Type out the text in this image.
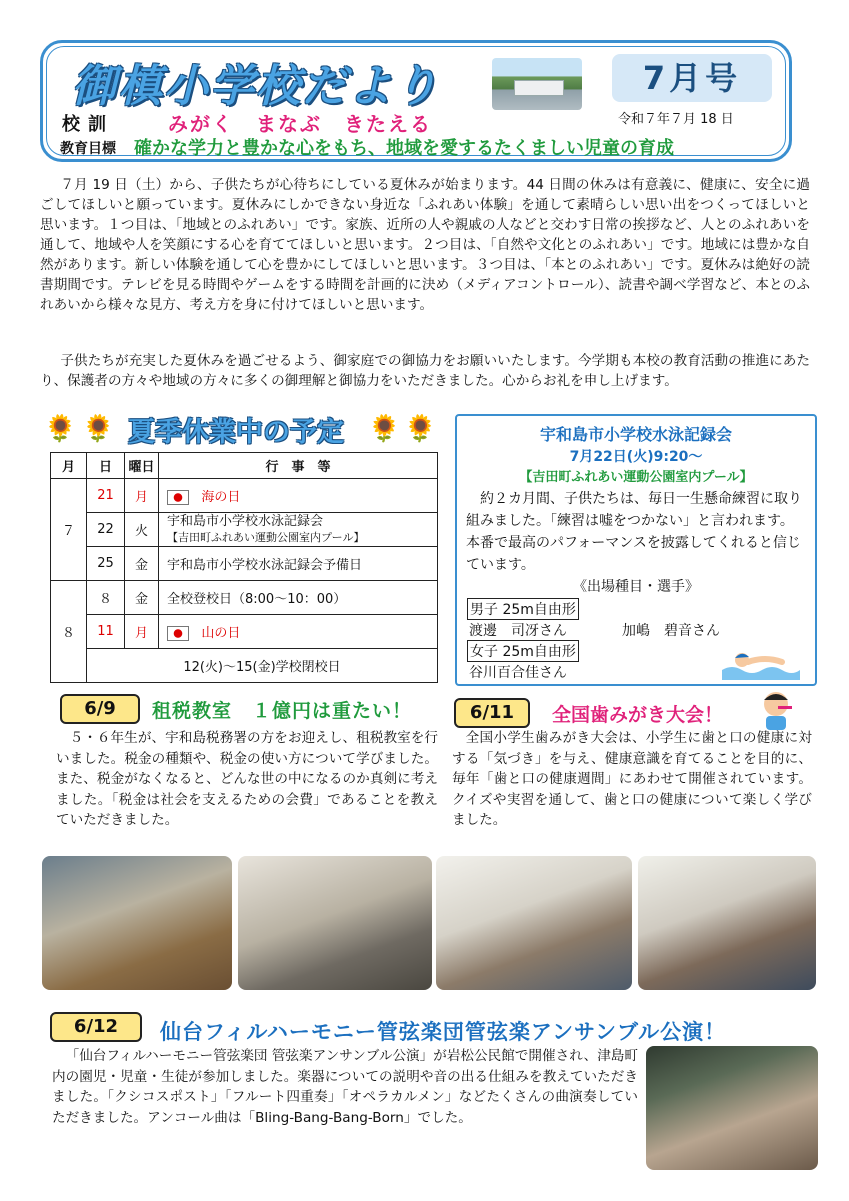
御槙小学校だより	7月号
令和７年７月 18 日
校訓	みがく　まなぶ　きたえる
教育目標 確かな学力と豊かな心をもち、地域を愛するたくましい児童の育成
７月 19 日（土）から、子供たちが心待ちにしている夏休みが始まります。44 日間の休みは有意義に、健康に、安全に過ごしてほしいと願っています。夏休みにしかできない身近な「ふれあい体験」を通して素晴らしい思い出をつくってほしいと思います。１つ目は、「地域とのふれあい」です。家族、近所の人や親戚の人などと交わす日常の挨拶など、人とのふれあいを通して、地域や人を笑顔にする心を育ててほしいと思います。２つ目は、「自然や文化とのふれあい」です。地域には豊かな自然があります。新しい体験を通して心を豊かにしてほしいと思います。３つ目は、「本とのふれあい」です。夏休みは絶好の読書期間です。テレビを見る時間やゲームをする時間を計画的に決め（メディアコントロール）、読書や調べ学習など、本とのふれあいから様々な見方、考え方を身に付けてほしいと思います。
子供たちが充実した夏休みを過ごせるよう、御家庭での御協力をお願いいたします。今学期も本校の教育活動の推進にあたり、保護者の方々や地域の方々に多くの御理解と御協力をいただきました。心からお礼を申し上げます。
🌻 🌻 夏季休業中の予定 🌻 🌻
月	日	曜日	行　事　等
７	21	月	海の日
	22	火	宇和島市小学校水泳記録会
【吉田町ふれあい運動公園室内プール】

	25	金	宇和島市小学校水泳記録会予備日
８	８	金	全校登校日（8:00～10：00）
	11	月	山の日
	12(火)～15(金)学校閉校日		
宇和島市小学校水泳記録会
7月22日(火)9:20～
【吉田町ふれあい運動公園室内プール】
約２カ月間、子供たちは、毎日一生懸命練習に取り組みました。｢練習は嘘をつかない」と言われます。本番で最高のパフォーマンスを披露してくれると信じています。
《出場種目・選手》
男子 25m自由形
渡邊　司冴さん	加嶋　碧音さん
女子 25m自由形
谷川百合佳さん
6/9	租税教室　１億円は重たい！
５・６年生が、宇和島税務署の方をお迎えし、租税教室を行いました。税金の種類や、税金の使い方について学びました。また、税金がなくなると、どんな世の中になるのか真剣に考えました。「税金は社会を支えるための会費」であることを教えていただきました。
6/11	全国歯みがき大会！
全国小学生歯みがき大会は、小学生に歯と口の健康に対する「気づき」を与え、健康意識を育てることを目的に、毎年「歯と口の健康週間」にあわせて開催されています。クイズや実習を通して、歯と口の健康について楽しく学びました。
6/12	仙台フィルハーモニー管弦楽団管弦楽アンサンブル公演！
「仙台フィルハーモニー管弦楽団 管弦楽アンサンブル公演」が岩松公民館で開催され、津島町内の園児・児童・生徒が参加しました。楽器についての説明や音の出る仕組みを教えていただきました。「クシコスポスト」「フルート四重奏」「オペラカルメン」などたくさんの曲演奏していただきました。アンコール曲は「Bling-Bang-Bang-Born」でした。
